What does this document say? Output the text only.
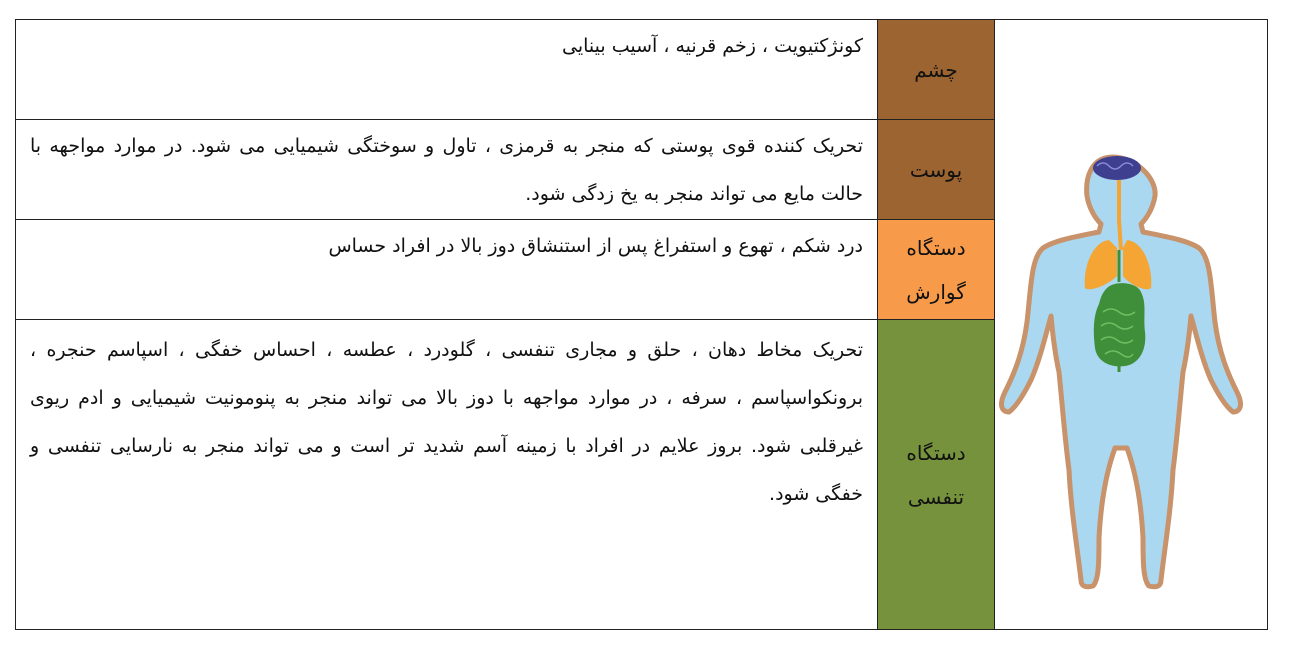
کونژکتیویت ، زخم قرنیه ، آسیب بینایی
چشم
تحریک کننده قوی پوستی که منجر به قرمزی ، تاول و سوختگی شیمیایی می شود. در موارد مواجهه با حالت مایع می تواند منجر به یخ زدگی شود.
پوست
درد شکم ، تهوع و استفراغ پس از استنشاق دوز بالا در افراد حساس	دستگاه
گوارش
تحریک مخاط دهان ، حلق و مجاری تنفسی ، گلودرد ، عطسه ، احساس خفگی ، اسپاسم حنجره ، برونکواسپاسم ، سرفه ، در موارد مواجهه با دوز بالا می تواند منجر به پنومونیت شیمیایی و ادم ریوی غیرقلبی شود. بروز علایم در افراد با زمینه آسم شدید تر است و می تواند منجر به نارسایی تنفسی و خفگی شود.
دستگاه
تنفسی
